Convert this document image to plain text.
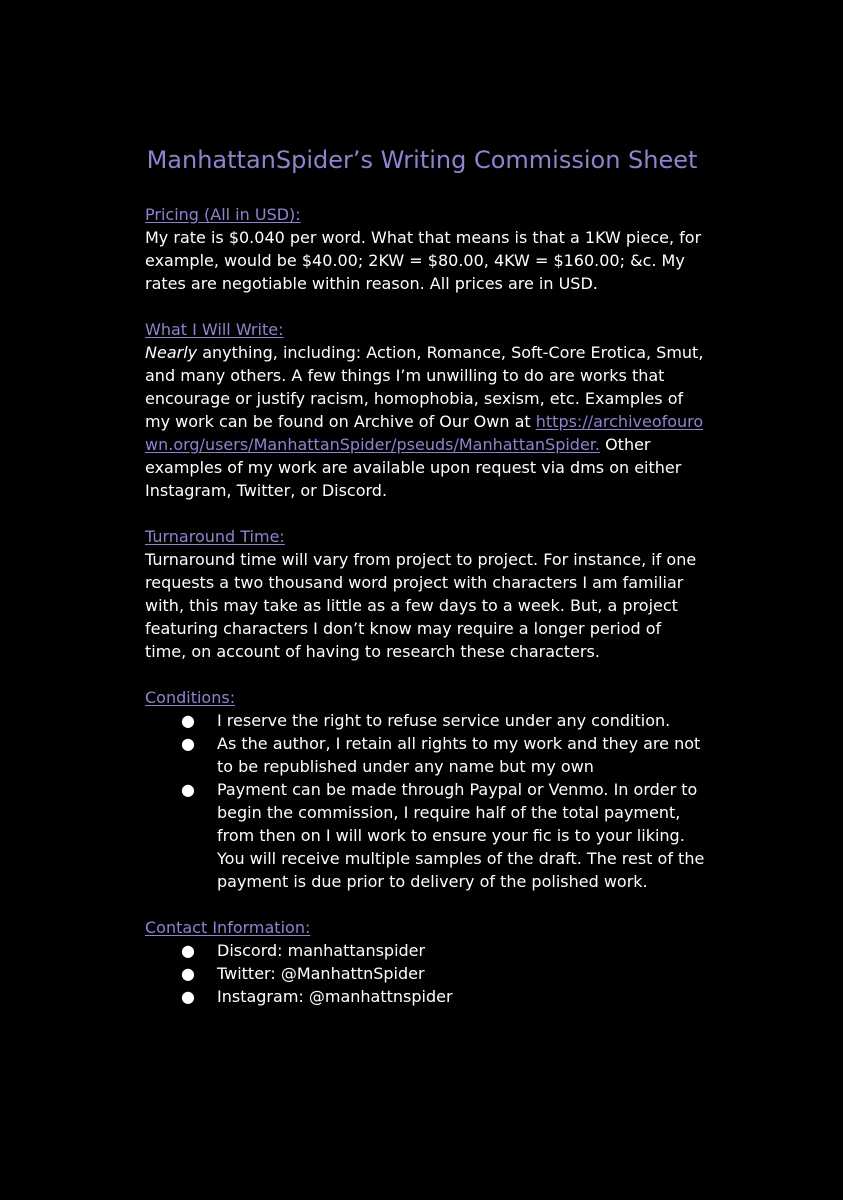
ManhattanSpider’s Writing Commission Sheet
Pricing (All in USD):

My rate is $0.040 per word. What that means is that a 1KW piece, for example, would be $40.00; 2KW = $80.00, 4KW = $160.00; &c. My rates are negotiable within reason. All prices are in USD.

What I Will Write:

Nearly anything, including: Action, Romance, Soft-Core Erotica, Smut, and many others. A few things I’m unwilling to do are works that encourage or justify racism, homophobia, sexism, etc. Examples of my work can be found on Archive of Our Own at https://archiveofourown.org/users/ManhattanSpider/pseuds/ManhattanSpider. Other examples of my work are available upon request via dms on either Instagram, Twitter, or Discord.

Turnaround Time:

Turnaround time will vary from project to project. For instance, if one requests a two thousand word project with characters I am familiar with, this may take as little as a few days to a week. But, a project featuring characters I don’t know may require a longer period of time, on account of having to research these characters.

Conditions:
● I reserve the right to refuse service under any condition.
● As the author, I retain all rights to my work and they are not to be republished under any name but my own
● Payment can be made through Paypal or Venmo. In order to begin the commission, I require half of the total payment, from then on I will work to ensure your fic is to your liking. You will receive multiple samples of the draft. The rest of the payment is due prior to delivery of the polished work.
Contact Information:
● Discord: manhattanspider
● Twitter: @ManhattnSpider
● Instagram: @manhattnspider
